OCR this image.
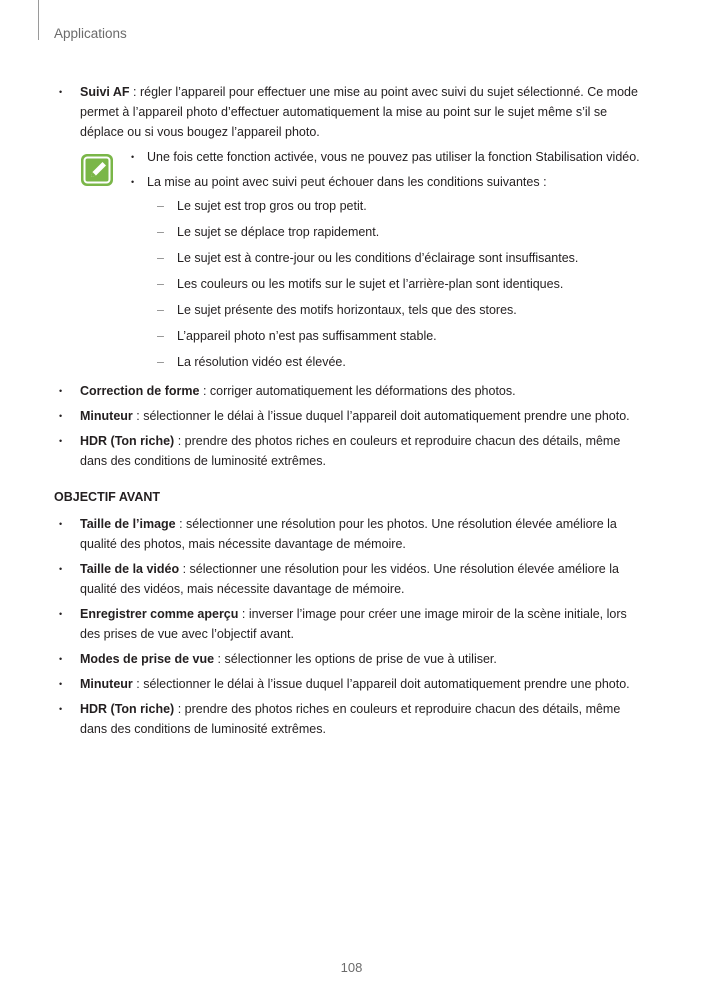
Applications
• Suivi AF : régler l’appareil pour effectuer une mise au point avec suivi du sujet sélectionné. Ce mode permet à l’appareil photo d’effectuer automatiquement la mise au point sur le sujet même s’il se déplace ou si vous bougez l’appareil photo.
• Une fois cette fonction activée, vous ne pouvez pas utiliser la fonction Stabilisation vidéo.
• La mise au point avec suivi peut échouer dans les conditions suivantes :
– Le sujet est trop gros ou trop petit.
– Le sujet se déplace trop rapidement.
– Le sujet est à contre-jour ou les conditions d’éclairage sont insuffisantes.
– Les couleurs ou les motifs sur le sujet et l’arrière-plan sont identiques.
– Le sujet présente des motifs horizontaux, tels que des stores.
– L’appareil photo n’est pas suffisamment stable.
– La résolution vidéo est élevée.
• Correction de forme : corriger automatiquement les déformations des photos.
• Minuteur : sélectionner le délai à l’issue duquel l’appareil doit automatiquement prendre une photo.
• HDR (Ton riche) : prendre des photos riches en couleurs et reproduire chacun des détails, même dans des conditions de luminosité extrêmes.
OBJECTIF AVANT
• Taille de l’image : sélectionner une résolution pour les photos. Une résolution élevée améliore la qualité des photos, mais nécessite davantage de mémoire.
• Taille de la vidéo : sélectionner une résolution pour les vidéos. Une résolution élevée améliore la qualité des vidéos, mais nécessite davantage de mémoire.
• Enregistrer comme aperçu : inverser l’image pour créer une image miroir de la scène initiale, lors des prises de vue avec l’objectif avant.
• Modes de prise de vue : sélectionner les options de prise de vue à utiliser.
• Minuteur : sélectionner le délai à l’issue duquel l’appareil doit automatiquement prendre une photo.
• HDR (Ton riche) : prendre des photos riches en couleurs et reproduire chacun des détails, même dans des conditions de luminosité extrêmes.
108
